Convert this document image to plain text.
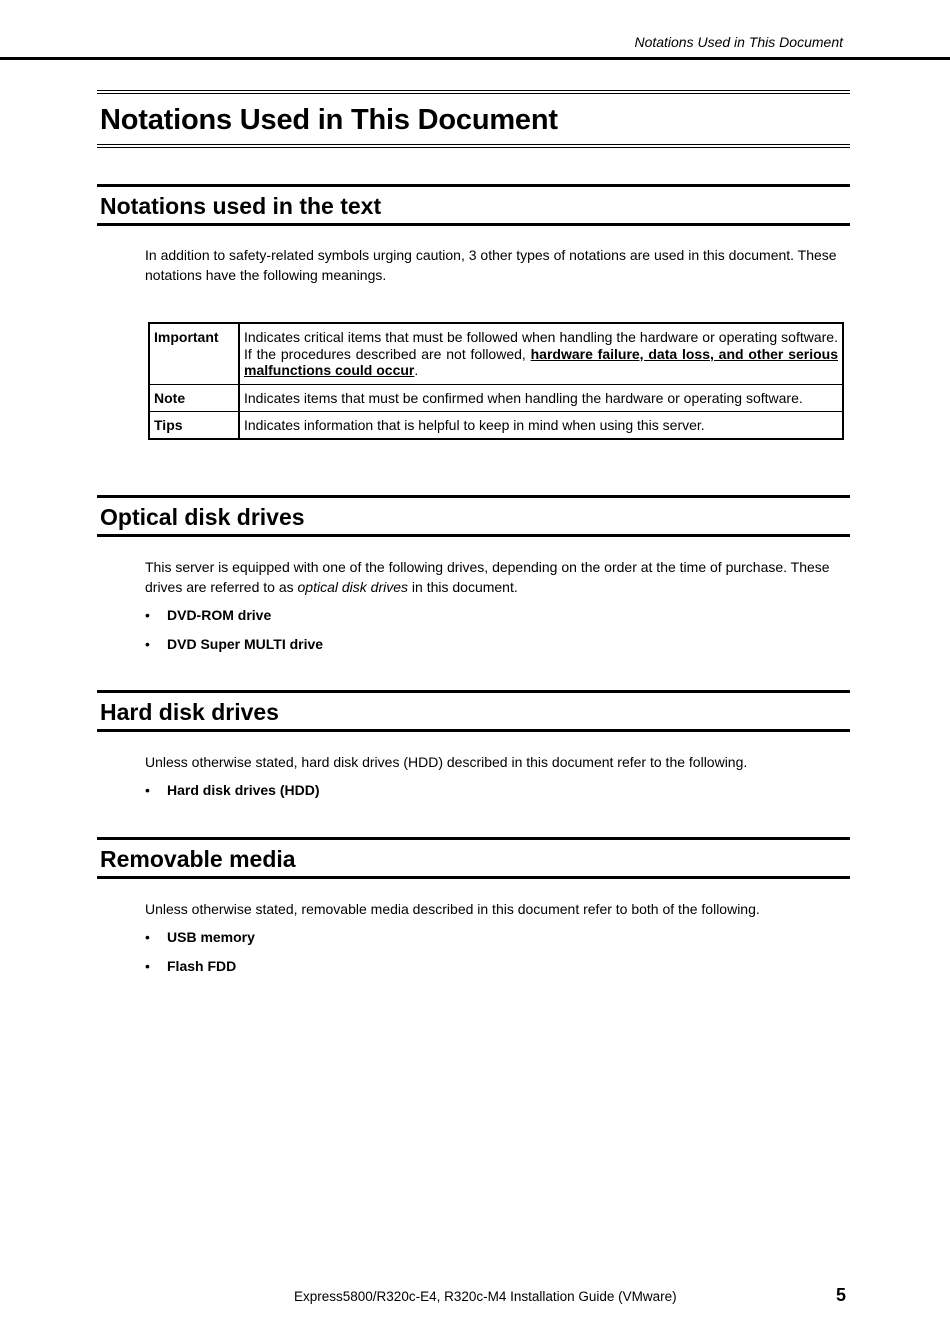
Notations Used in This Document
Notations Used in This Document
Notations used in the text
In addition to safety-related symbols urging caution, 3 other types of notations are used in this document. These
notations have the following meanings.
Important	Indicates critical items that must be followed when handling the hardware or operating software. If the procedures described are not followed, hardware failure, data loss, and other serious malfunctions could occur.
Note	Indicates items that must be confirmed when handling the hardware or operating software.
Tips	Indicates information that is helpful to keep in mind when using this server.
Optical disk drives
This server is equipped with one of the following drives, depending on the order at the time of purchase. These
drives are referred to as optical disk drives in this document.
• DVD-ROM drive
• DVD Super MULTI drive
Hard disk drives
Unless otherwise stated, hard disk drives (HDD) described in this document refer to the following.
• Hard disk drives (HDD)
Removable media
Unless otherwise stated, removable media described in this document refer to both of the following.
• USB memory
• Flash FDD
Express5800/R320c-E4, R320c-M4 Installation Guide (VMware)	5
